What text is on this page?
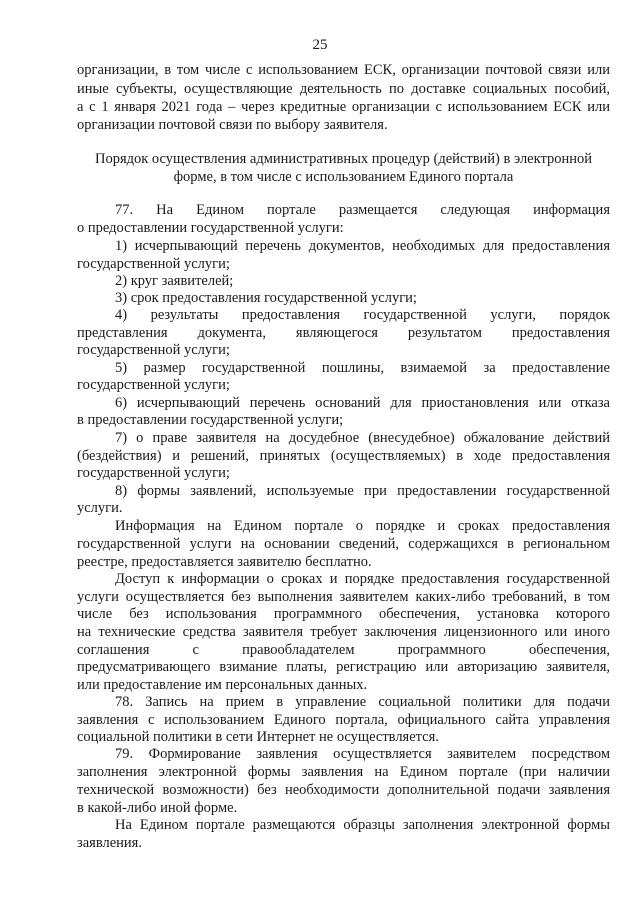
25
организации, в том числе с использованием ЕСК, организации почтовой связи или
иные субъекты, осуществляющие деятельность по доставке социальных пособий,
а с 1 января 2021 года – через кредитные организации с использованием ЕСК или
организации почтовой связи по выбору заявителя.
Порядок осуществления административных процедур (действий) в электронной
форме, в том числе с использованием Единого портала
77. На Едином портале размещается следующая информация
о предоставлении государственной услуги:
1) исчерпывающий перечень документов, необходимых для предоставления
государственной услуги;
2) круг заявителей;
3) срок предоставления государственной услуги;
4) результаты предоставления государственной услуги, порядок
представления документа, являющегося результатом предоставления
государственной услуги;
5) размер государственной пошлины, взимаемой за предоставление
государственной услуги;
6) исчерпывающий перечень оснований для приостановления или отказа
в предоставлении государственной услуги;
7) о праве заявителя на досудебное (внесудебное) обжалование действий
(бездействия) и решений, принятых (осуществляемых) в ходе предоставления
государственной услуги;
8) формы заявлений, используемые при предоставлении государственной
услуги.
Информация на Едином портале о порядке и сроках предоставления
государственной услуги на основании сведений, содержащихся в региональном
реестре, предоставляется заявителю бесплатно.
Доступ к информации о сроках и порядке предоставления государственной
услуги осуществляется без выполнения заявителем каких-либо требований, в том
числе без использования программного обеспечения, установка которого
на технические средства заявителя требует заключения лицензионного или иного
соглашения с правообладателем программного обеспечения,
предусматривающего взимание платы, регистрацию или авторизацию заявителя,
или предоставление им персональных данных.
78. Запись на прием в управление социальной политики для подачи
заявления с использованием Единого портала, официального сайта управления
социальной политики в сети Интернет не осуществляется.
79. Формирование заявления осуществляется заявителем посредством
заполнения электронной формы заявления на Едином портале (при наличии
технической возможности) без необходимости дополнительной подачи заявления
в какой-либо иной форме.
На Едином портале размещаются образцы заполнения электронной формы
заявления.
